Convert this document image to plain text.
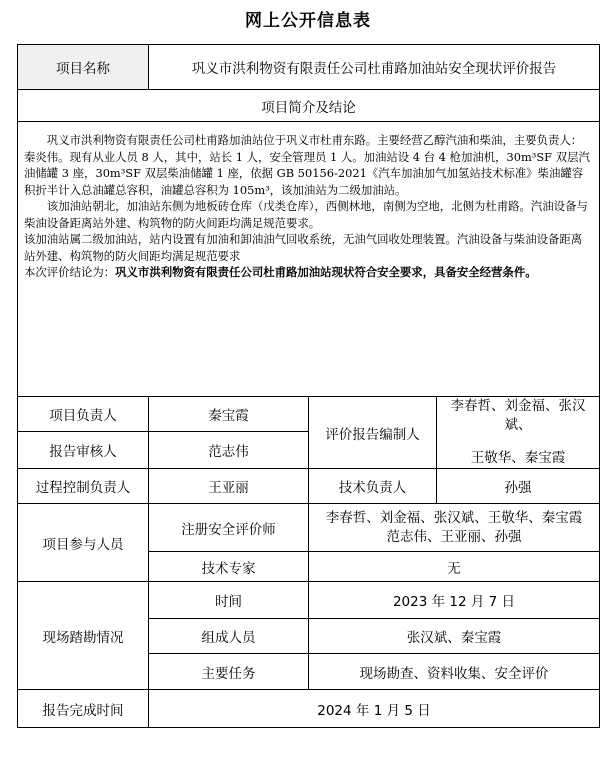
网上公开信息表
项目名称	巩义市洪利物资有限责任公司杜甫路加油站安全现状评价报告		
项目简介及结论			

巩义市洪利物资有限责任公司杜甫路加油站位于巩义市杜甫东路。主要经营乙醇汽油和柴油，主要负责人：秦炎伟。现有从业人员 8 人，其中，站长 1 人，安全管理员 1 人。加油站设 4 台 4 枪加油机，30m³SF 双层汽油储罐 3 座，30m³SF 双层柴油储罐 1 座，依据 GB 50156-2021《汽车加油加气加氢站技术标准》柴油罐容积折半计入总油罐总容积，油罐总容积为 105m³，该加油站为二级加油站。

该加油站朝北，加油站东侧为地板砖仓库（戊类仓库），西侧林地，南侧为空地，北侧为杜甫路。汽油设备与柴油设备距离站外建、构筑物的防火间距均满足规范要求。

该加油站属二级加油站，站内设置有加油和卸油油气回收系统，无油气回收处理装置。汽油设备与柴油设备距离站外建、构筑物的防火间距均满足规范要求

本次评价结论为：巩义市洪利物资有限责任公司杜甫路加油站现状符合安全要求，具备安全经营条件。			

项目负责人	秦宝霞	评价报告编制人	李春哲、刘金福、张汉斌、
王敬华、秦宝霞

报告审核人	范志伟		
过程控制负责人	王亚丽	技术负责人	孙强
项目参与人员	注册安全评价师	李春哲、刘金福、张汉斌、王敬华、秦宝霞
范志伟、王亚丽、孙强	

	技术专家	无	
现场踏勘情况	时间	2023 年 12 月 7 日	
	组成人员	张汉斌、秦宝霞	
	主要任务	现场勘查、资料收集、安全评价	
报告完成时间	2024 年 1 月 5 日		
